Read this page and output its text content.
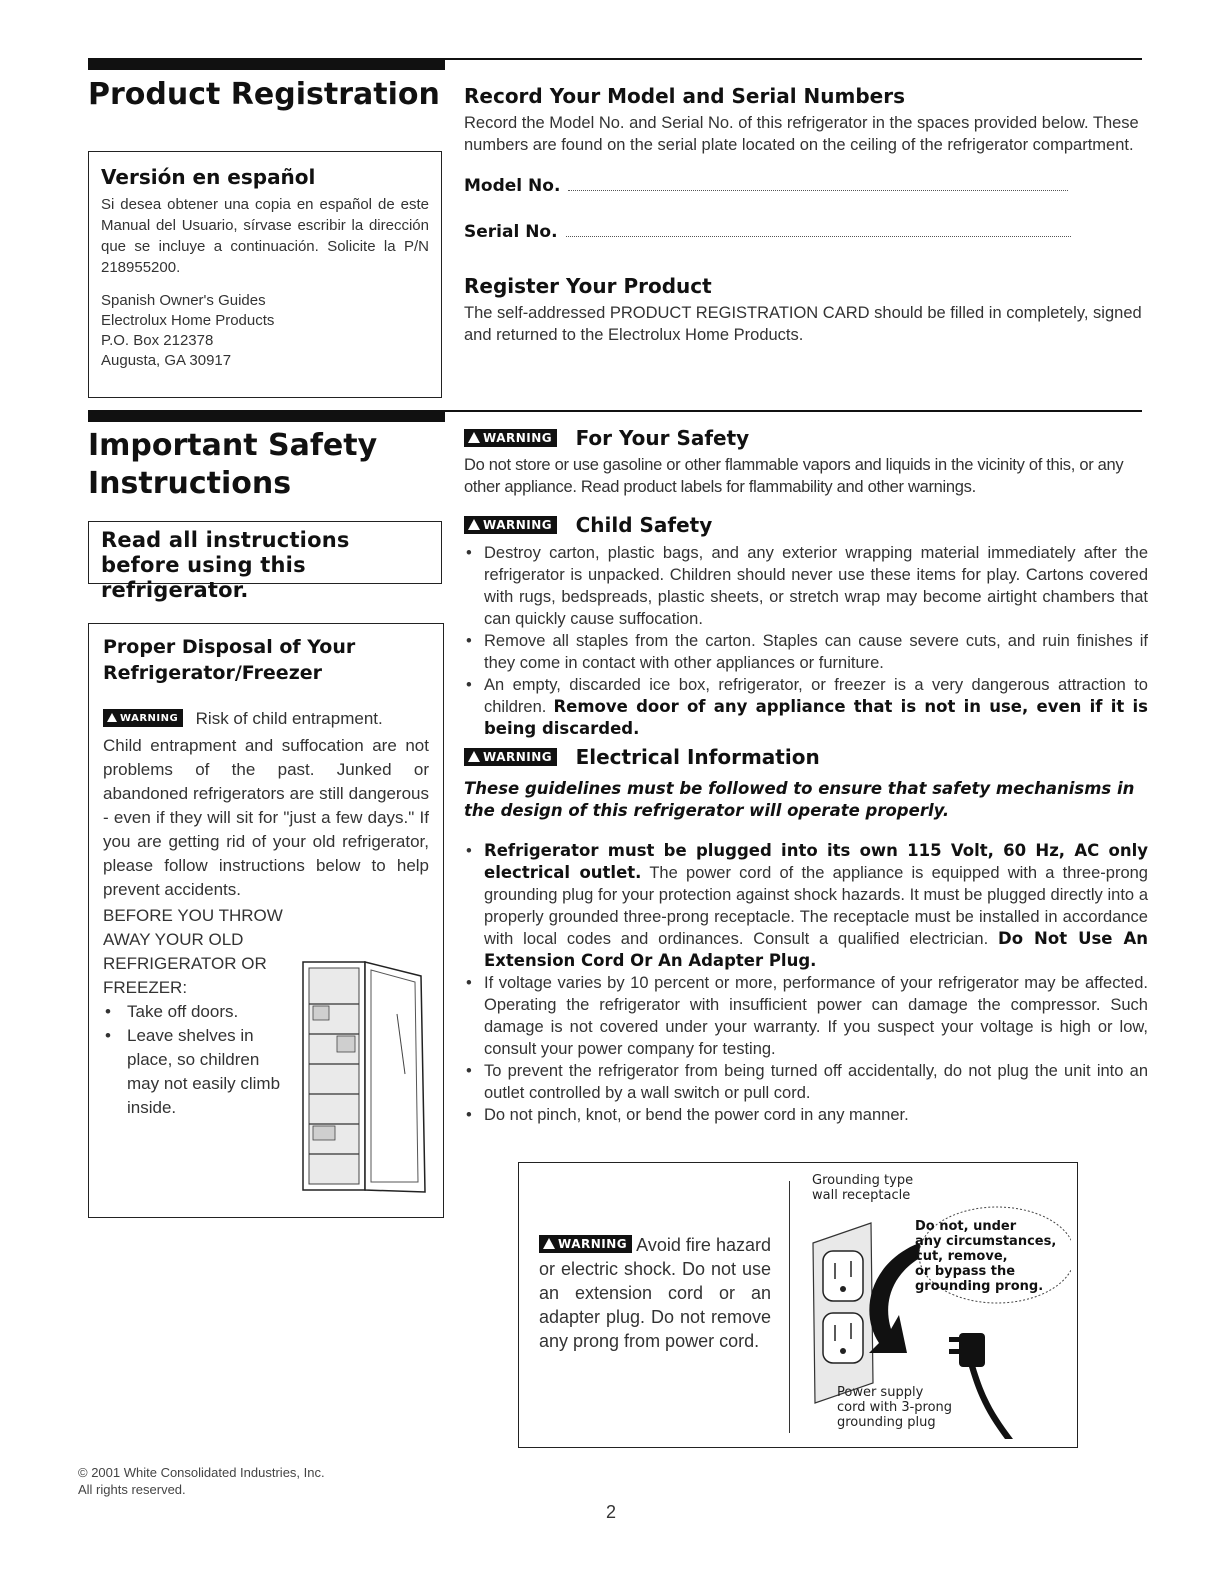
Product Registration
Versión en español

Si desea obtener una copia en español de este Manual del Usuario, sírvase escribir la dirección que se incluye a continuación. Solicite la P/N 218955200.

Spanish Owner's Guides
Electrolux Home Products
P.O. Box 212378
Augusta, GA 30917
Record Your Model and Serial Numbers

Record the Model No. and Serial No. of this refrigerator in the spaces provided below. These numbers are found on the serial plate located on the ceiling of the refrigerator compartment.

Model No.
Serial No.
Register Your Product

The self-addressed PRODUCT REGISTRATION CARD should be filled in completely, signed and returned to the Electrolux Home Products.

Important Safety
Instructions
Read all instructions before using this refrigerator.
Proper Disposal of Your
Refrigerator/Freezer
WARNING Risk of child entrapment.

Child entrapment and suffocation are not problems of the past. Junked or abandoned refrigerators are still dangerous - even if they will sit for "just a few days." If you are getting rid of your old refrigerator, please follow instructions below to help prevent accidents.

BEFORE YOU THROW AWAY YOUR OLD REFRIGERATOR OR FREEZER:

• Take off doors.
• Leave shelves in place, so children may not easily climb inside.
WARNING For Your Safety

Do not store or use gasoline or other flammable vapors and liquids in the vicinity of this, or any other appliance. Read product labels for flammability and other warnings.

WARNING Child Safety
• Destroy carton, plastic bags, and any exterior wrapping material immediately after the refrigerator is unpacked. Children should never use these items for play. Cartons covered with rugs, bedspreads, plastic sheets, or stretch wrap may become airtight chambers that can quickly cause suffocation.
• Remove all staples from the carton. Staples can cause severe cuts, and ruin finishes if they come in contact with other appliances or furniture.
• An empty, discarded ice box, refrigerator, or freezer is a very dangerous attraction to children. Remove door of any appliance that is not in use, even if it is being discarded.
WARNING Electrical Information

These guidelines must be followed to ensure that safety mechanisms in the design of this refrigerator will operate properly.

• Refrigerator must be plugged into its own 115 Volt, 60 Hz, AC only electrical outlet. The power cord of the appliance is equipped with a three-prong grounding plug for your protection against shock hazards. It must be plugged directly into a properly grounded three-prong receptacle. The receptacle must be installed in accordance with local codes and ordinances. Consult a qualified electrician. Do Not Use An Extension Cord Or An Adapter Plug.
• If voltage varies by 10 percent or more, performance of your refrigerator may be affected. Operating the refrigerator with insufficient power can damage the compressor. Such damage is not covered under your warranty. If you suspect your voltage is high or low, consult your power company for testing.
• To prevent the refrigerator from being turned off accidentally, do not plug the unit into an outlet controlled by a wall switch or pull cord.
• Do not pinch, knot, or bend the power cord in any manner.

WARNING Avoid fire hazard or electric shock. Do not use an extension cord or an adapter plug. Do not remove any prong from power cord.

Grounding type
wall receptacle
Do not, under
any circumstances,
cut, remove,
or bypass the
grounding prong.
Power supply
cord with 3-prong
grounding plug
© 2001 White Consolidated Industries, Inc.
All rights reserved.
2
